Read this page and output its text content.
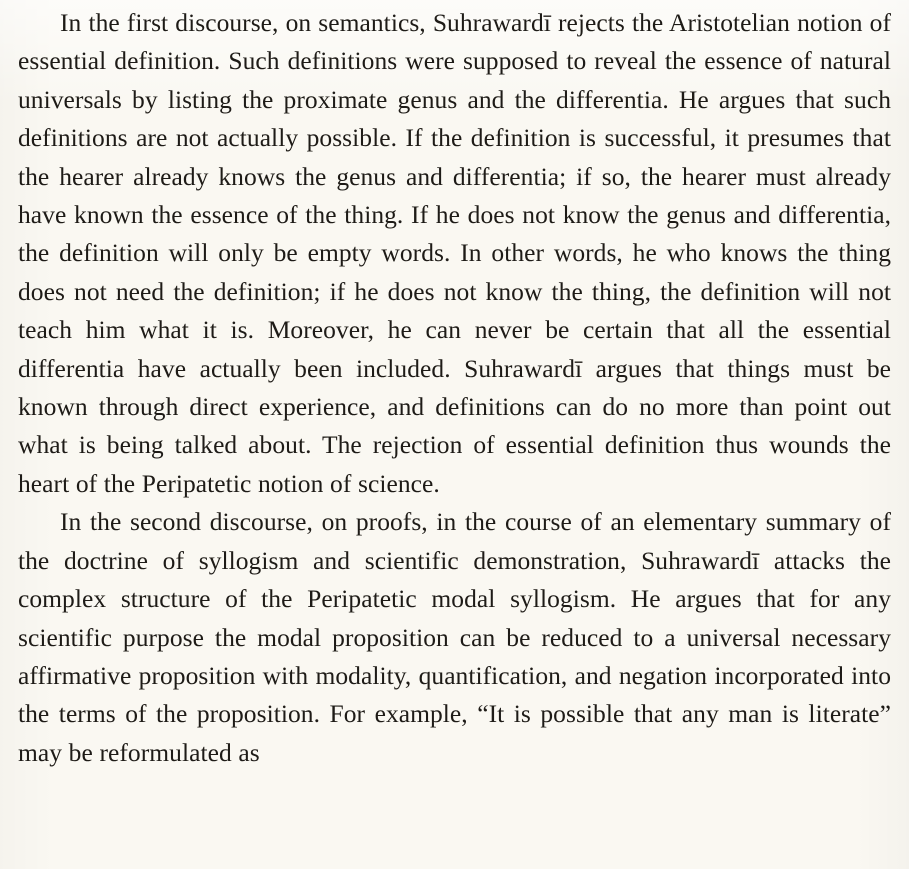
In the first discourse, on semantics, Suhrawardī rejects the Aristotelian notion of essential definition. Such definitions were supposed to reveal the essence of natural universals by listing the proximate genus and the differentia. He argues that such definitions are not actually possible. If the definition is successful, it presumes that the hearer already knows the genus and differentia; if so, the hearer must already have known the essence of the thing. If he does not know the genus and differentia, the definition will only be empty words. In other words, he who knows the thing does not need the definition; if he does not know the thing, the definition will not teach him what it is. Moreover, he can never be certain that all the essential differentia have actually been included. Suhrawardī argues that things must be known through direct experience, and definitions can do no more than point out what is being talked about. The rejection of essential definition thus wounds the heart of the Peripatetic notion of science.

In the second discourse, on proofs, in the course of an elementary summary of the doctrine of syllogism and scientific demonstration, Suhrawardī attacks the complex structure of the Peripatetic modal syllogism. He argues that for any scientific purpose the modal proposition can be reduced to a universal necessary affirmative proposition with modality, quantification, and negation incorporated into the terms of the proposition. For example, “It is possible that any man is literate” may be reformulated as
